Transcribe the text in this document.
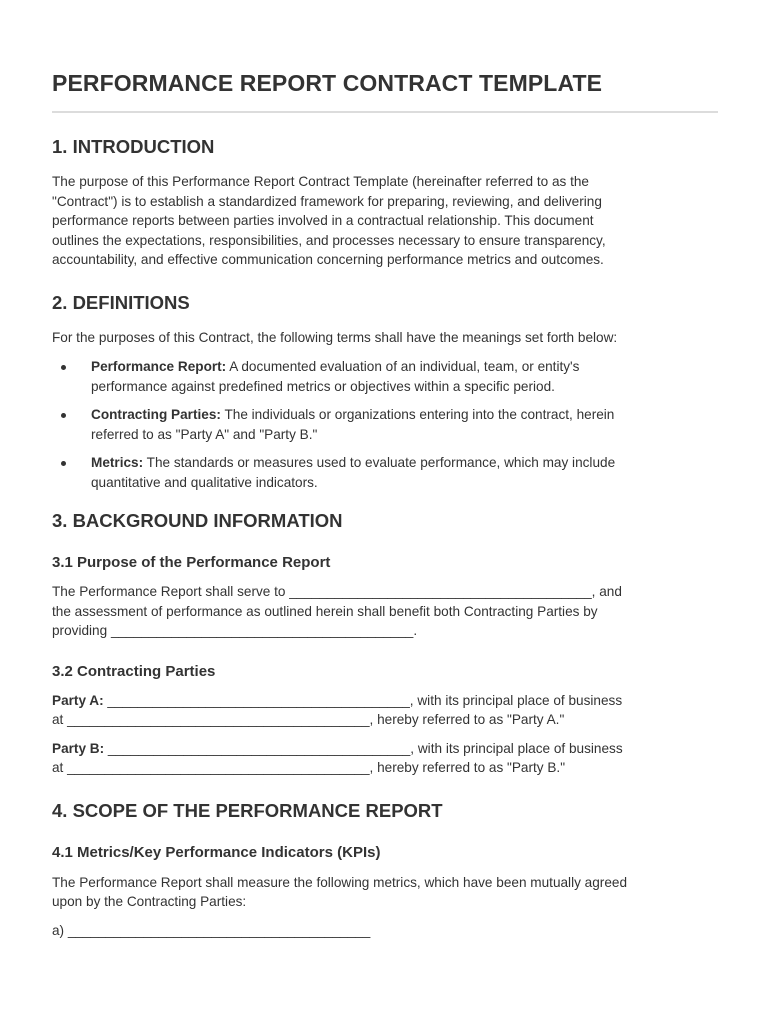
PERFORMANCE REPORT CONTRACT TEMPLATE
1. INTRODUCTION

The purpose of this Performance Report Contract Template (hereinafter referred to as the
"Contract") is to establish a standardized framework for preparing, reviewing, and delivering
performance reports between parties involved in a contractual relationship. This document
outlines the expectations, responsibilities, and processes necessary to ensure transparency,
accountability, and effective communication concerning performance metrics and outcomes.

2. DEFINITIONS

For the purposes of this Contract, the following terms shall have the meanings set forth below:

Performance Report: A documented evaluation of an individual, team, or entity's
performance against predefined metrics or objectives within a specific period.

Contracting Parties: The individuals or organizations entering into the contract, herein
referred to as "Party A" and "Party B."

Metrics: The standards or measures used to evaluate performance, which may include
quantitative and qualitative indicators.

3. BACKGROUND INFORMATION
3.1 Purpose of the Performance Report

The Performance Report shall serve to ________________________________________, and
the assessment of performance as outlined herein shall benefit both Contracting Parties by
providing ________________________________________.

3.2 Contracting Parties

Party A: ________________________________________, with its principal place of business
at ________________________________________, hereby referred to as "Party A."

Party B: ________________________________________, with its principal place of business
at ________________________________________, hereby referred to as "Party B."

4. SCOPE OF THE PERFORMANCE REPORT
4.1 Metrics/Key Performance Indicators (KPIs)

The Performance Report shall measure the following metrics, which have been mutually agreed
upon by the Contracting Parties:

a) ________________________________________
